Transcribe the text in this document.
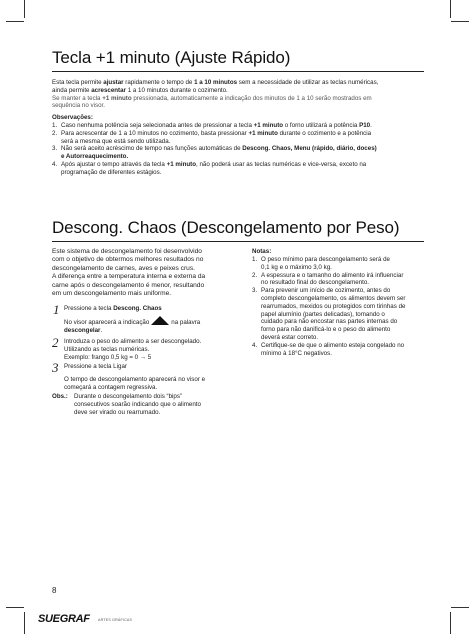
Tecla +1 minuto (Ajuste Rápido)

Esta tecla permite ajustar rapidamente o tempo de 1 a 10 minutos sem a necessidade de utilizar as teclas numéricas,
ainda permite acrescentar 1 a 10 minutos durante o cozimento.
Se manter a tecla +1 minuto pressionada, automaticamente a indicação dos minutos de 1 a 10 serão mostrados em
sequência no visor.

Observações:

1. Caso nenhuma potência seja selecionada antes de pressionar a tecla +1 minuto o forno utilizará a potência P10.
2. Para acrescentar de 1 a 10 minutos no cozimento, basta pressionar +1 minuto durante o cozimento e a potência
será a mesma que está sendo utilizada.
3. Não será aceito acréscimo de tempo nas funções automáticas de Descong. Chaos, Menu (rápido, diário, doces)
e Autorreaquecimento.
4. Após ajustar o tempo através da tecla +1 minuto, não poderá usar as teclas numéricas e vice-versa, exceto na
programação de diferentes estágios.
Descong. Chaos (Descongelamento por Peso)

Este sistema de descongelamento foi desenvolvido
com o objetivo de obtermos melhores resultados no
descongelamento de carnes, aves e peixes crus.
A diferença entre a temperatura interna e externa da
carne após o descongelamento é menor, resultando
em um descongelamento mais uniforme.

1 Pressione a tecla Descong. Chaos

No visor aparecerá a indicação	na palavra
descongelar.

2 Introduza o peso do alimento a ser descongelado.
Utilizando as teclas numéricas.
Exemplo: frango 0,5 kg = 0 → 5

3 Pressione a tecla Ligar

O tempo de descongelamento aparecerá no visor e
começará a contagem regressiva.

Obs.: Durante o descongelamento dois “bips”
consecutivos soarão indicando que o alimento
deve ser virado ou rearrumado.

Notas:

1. O peso mínimo para descongelamento será de
0,1 kg e o máximo 3,0 kg.
2. A espessura e o tamanho do alimento irá influenciar
no resultado final do descongelamento.
3. Para prevenir um início de cozimento, antes do
completo descongelamento, os alimentos devem ser
rearrumados, mexidos ou protegidos com tirinhas de
papel alumínio (partes delicadas), tomando o
cuidado para não encostar nas partes internas do
forno para não danificá-lo e o peso do alimento
deverá estar correto.
4. Certifique-se de que o alimento esteja congelado no
mínimo à 18°C negativos.
8
SUEGRAF ARTES GRÁFICAS
